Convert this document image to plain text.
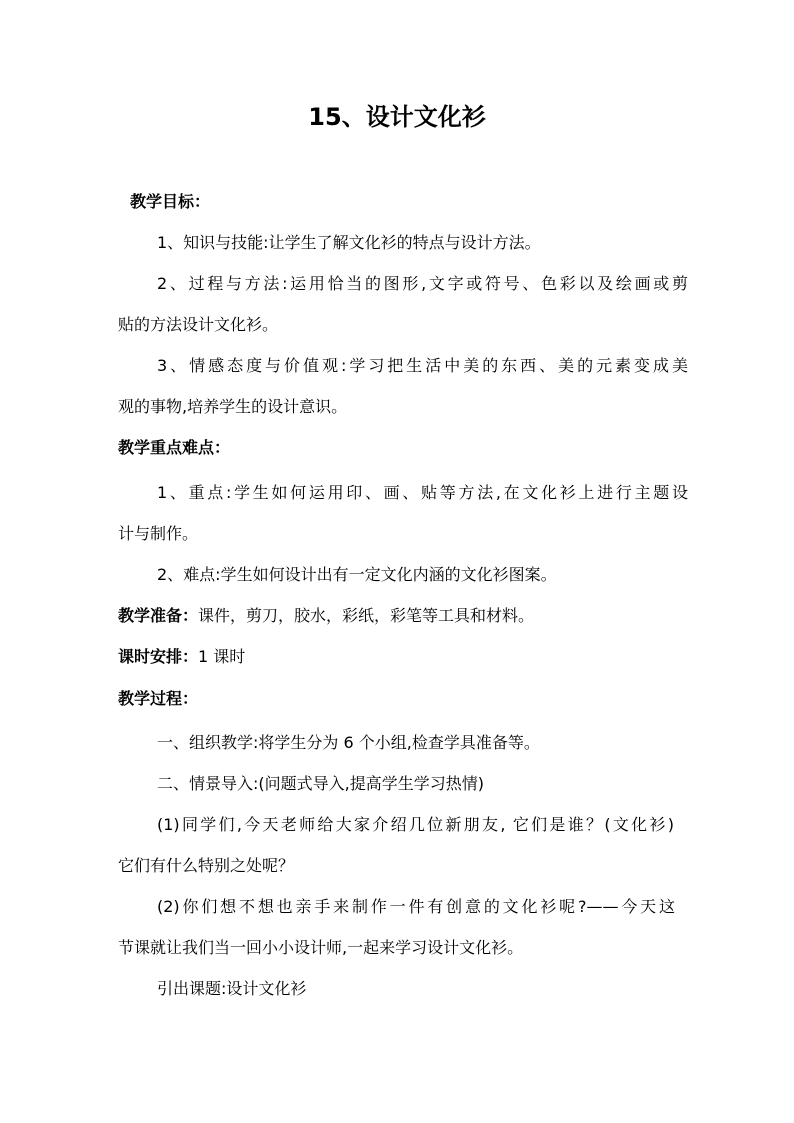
15、设计文化衫
教学目标：
1、知识与技能:让学生了解文化衫的特点与设计方法。
2、过程与方法:运用恰当的图形,文字或符号、色彩以及绘画或剪
贴的方法设计文化衫。
3、情感态度与价值观:学习把生活中美的东西、美的元素变成美
观的事物,培养学生的设计意识。
教学重点难点：
1、重点:学生如何运用印、画、贴等方法,在文化衫上进行主题设
计与制作。
2、难点:学生如何设计出有一定文化内涵的文化衫图案。
教学准备：课件，剪刀，胶水，彩纸，彩笔等工具和材料。
课时安排：1 课时
教学过程：
一、组织教学:将学生分为 6 个小组,检查学具准备等。
二、情景导入:(问题式导入,提高学生学习热情)
(1)同学们,今天老师给大家介绍几位新朋友, 它们是谁？(文化衫)
它们有什么特别之处呢？
(2)你们想不想也亲手来制作一件有创意的文化衫呢?——今天这
节课就让我们当一回小小设计师,一起来学习设计文化衫。
引出课题:设计文化衫
